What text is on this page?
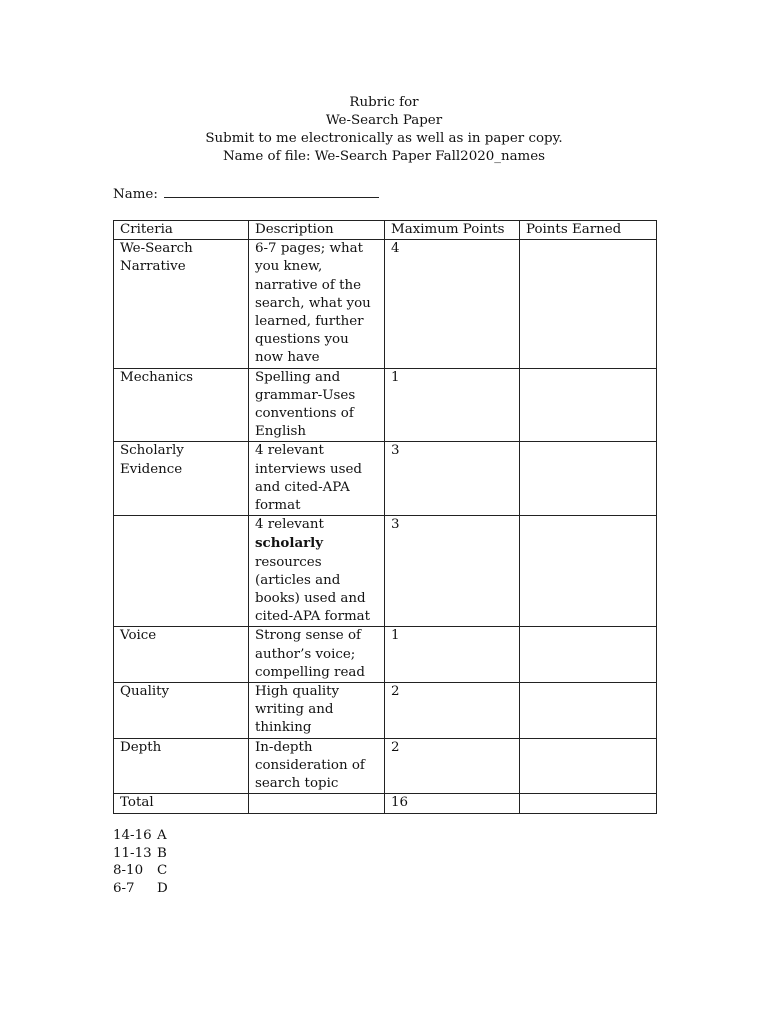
Rubric for
We-Search Paper
Submit to me electronically as well as in paper copy.
Name of file: We-Search Paper Fall2020_names
Name:
Criteria	Description	Maximum Points	Points Earned
We-Search Narrative	6-7 pages; what you knew, narrative of the search, what you learned, further questions you now have	4	
Mechanics	Spelling and grammar-Uses conventions of English	1	
Scholarly Evidence	4 relevant interviews used and cited-APA format	3	
	4 relevant scholarly resources (articles and books) used and cited-APA format	3	
Voice	Strong sense of author’s voice; compelling read	1	
Quality	High quality writing and thinking	2	
Depth	In-depth consideration of search topic	2	
Total		16	
14-16 A
11-13 B
8-10 C
6-7 D
